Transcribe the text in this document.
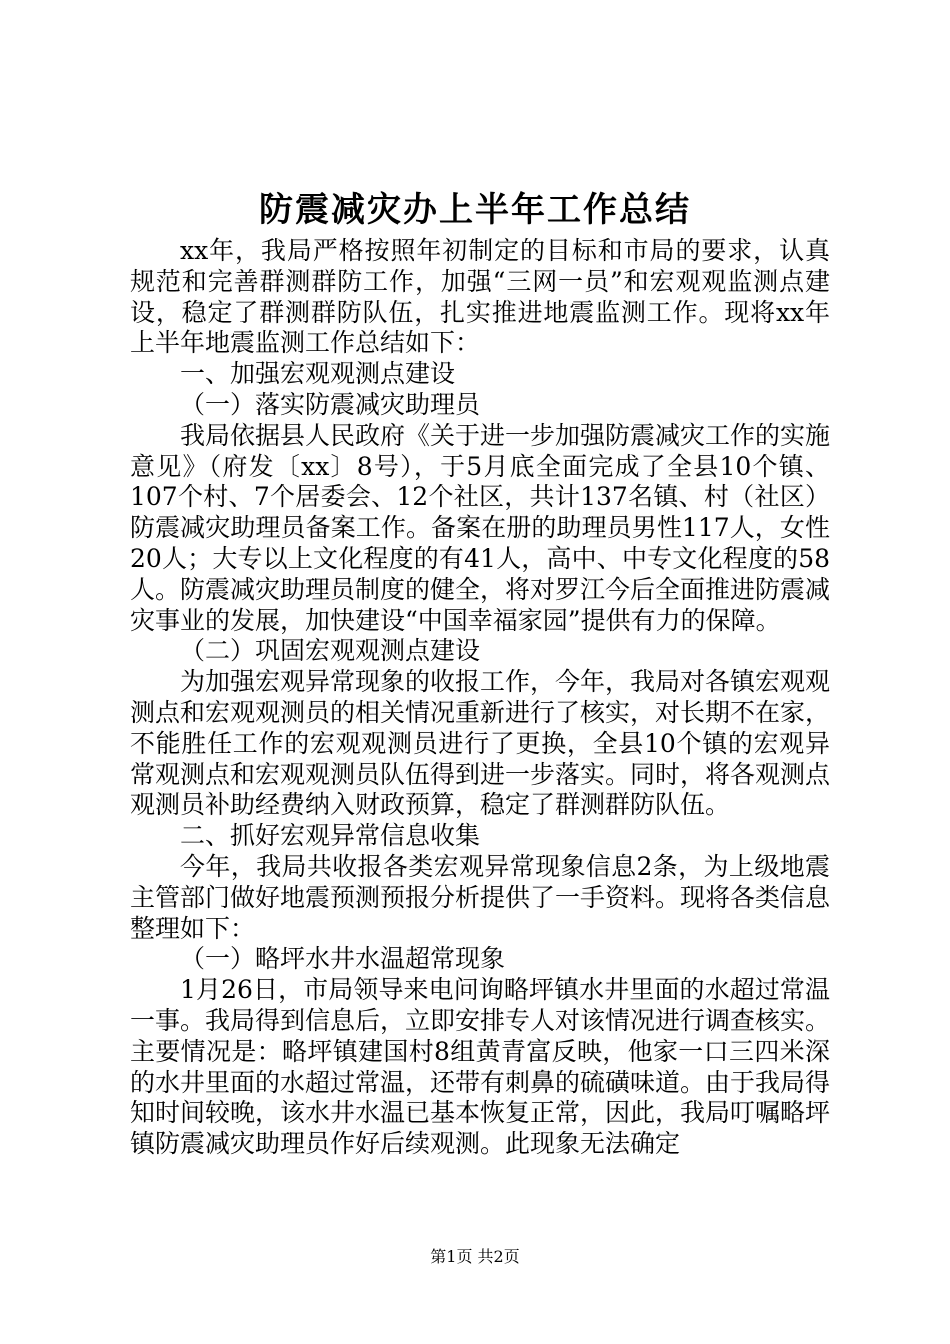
防震减灾办上半年工作总结

xx年，我局严格按照年初制定的目标和市局的要求，认真规范和完善群测群防工作，加强“三网一员”和宏观观监测点建设，稳定了群测群防队伍，扎实推进地震监测工作。现将xx年上半年地震监测工作总结如下：

一、加强宏观观测点建设

（一）落实防震减灾助理员

我局依据县人民政府《关于进一步加强防震减灾工作的实施意见》（府发〔xx〕8号），于5月底全面完成了全县10个镇、107个村、7个居委会、12个社区，共计137名镇、村（社区）防震减灾助理员备案工作。备案在册的助理员男性117人，女性20人；大专以上文化程度的有41人，高中、中专文化程度的58人。防震减灾助理员制度的健全，将对罗江今后全面推进防震减灾事业的发展，加快建设“中国幸福家园”提供有力的保障。

（二）巩固宏观观测点建设

为加强宏观异常现象的收报工作，今年，我局对各镇宏观观测点和宏观观测员的相关情况重新进行了核实，对长期不在家，不能胜任工作的宏观观测员进行了更换，全县10个镇的宏观异常观测点和宏观观测员队伍得到进一步落实。同时，将各观测点观测员补助经费纳入财政预算，稳定了群测群防队伍。

二、抓好宏观异常信息收集

今年，我局共收报各类宏观异常现象信息2条，为上级地震主管部门做好地震预测预报分析提供了一手资料。现将各类信息整理如下：

（一）略坪水井水温超常现象

1月26日，市局领导来电问询略坪镇水井里面的水超过常温一事。我局得到信息后，立即安排专人对该情况进行调查核实。主要情况是：略坪镇建国村8组黄青富反映，他家一口三四米深的水井里面的水超过常温，还带有刺鼻的硫磺味道。由于我局得知时间较晚，该水井水温已基本恢复正常，因此，我局叮嘱略坪镇防震减灾助理员作好后续观测。此现象无法确定

第1页 共2页
